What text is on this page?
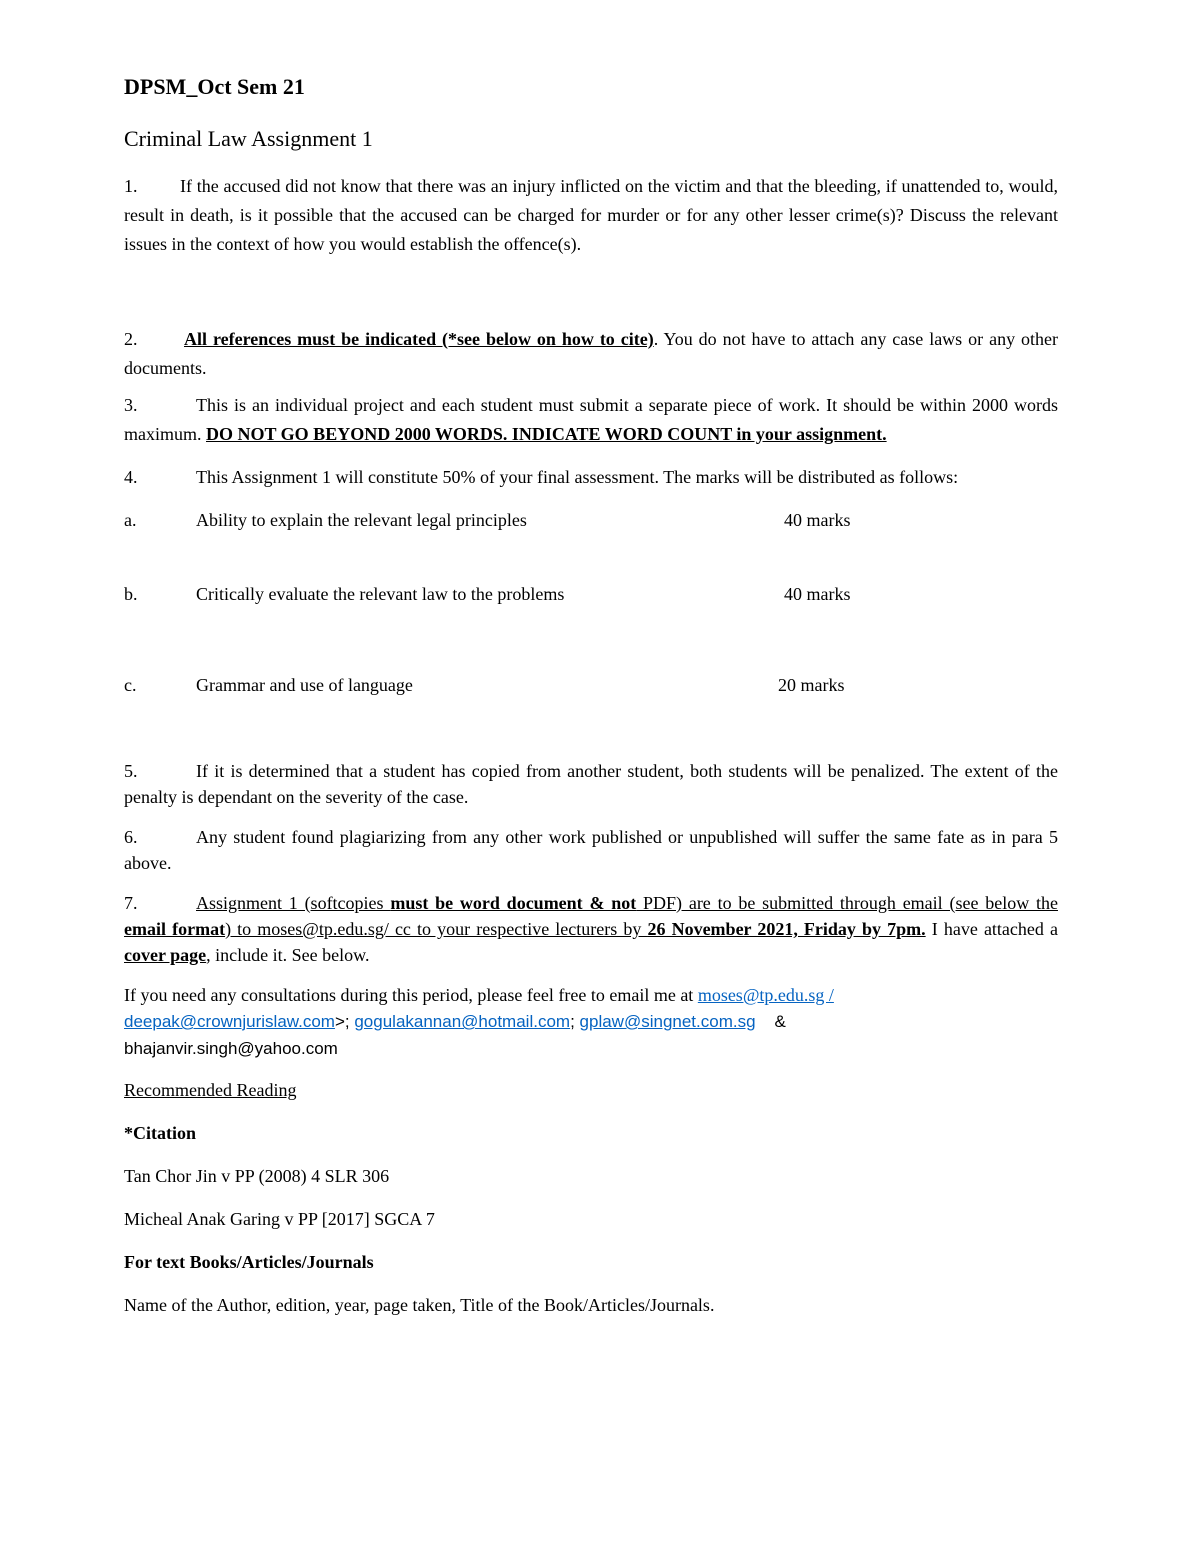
DPSM_Oct Sem 21
Criminal Law Assignment 1
1. If the accused did not know that there was an injury inflicted on the victim and that the bleeding, if unattended to, would, result in death, is it possible that the accused can be charged for murder or for any other lesser crime(s)? Discuss the relevant issues in the context of how you would establish the offence(s).
2.	All references must be indicated (*see below on how to cite). You do not have to attach any case laws or any other documents.
3.	This is an individual project and each student must submit a separate piece of work. It should be within 2000 words maximum. DO NOT GO BEYOND 2000 WORDS. INDICATE WORD COUNT in your assignment.
4.	This Assignment 1 will constitute 50% of your final assessment. The marks will be distributed as follows:
a.	Ability to explain the relevant legal principles	40 marks
b.	Critically evaluate the relevant law to the problems	40 marks
c.	Grammar and use of language	20 marks
5.	If it is determined that a student has copied from another student, both students will be penalized. The extent of the penalty is dependant on the severity of the case.
6.	Any student found plagiarizing from any other work published or unpublished will suffer the same fate as in para 5 above.
7.	Assignment 1 (softcopies must be word document & not PDF) are to be submitted through email (see below the email format) to moses@tp.edu.sg/ cc to your respective lecturers by 26 November 2021, Friday by 7pm. I have attached a cover page, include it. See below.
If you need any consultations during this period, please feel free to email me at moses@tp.edu.sg /
deepak@crownjurislaw.com>; gogulakannan@hotmail.com; gplaw@singnet.com.sg    &
bhajanvir.singh@yahoo.com
Recommended Reading
*Citation
Tan Chor Jin v PP (2008) 4 SLR 306
Micheal Anak Garing v PP [2017] SGCA 7
For text Books/Articles/Journals
Name of the Author, edition, year, page taken, Title of the Book/Articles/Journals.
